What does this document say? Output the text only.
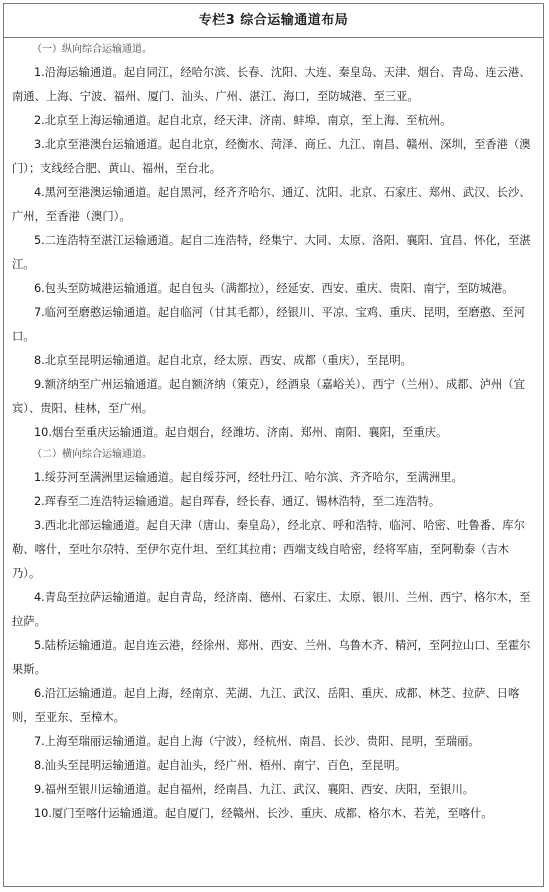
专栏3 综合运输通道布局
（一）纵向综合运输通道。

1.沿海运输通道。起自同江，经哈尔滨、长春、沈阳、大连、秦皇岛、天津、烟台、青岛、连云港、南通、上海、宁波、福州、厦门、汕头、广州、湛江、海口，至防城港、至三亚。

2.北京至上海运输通道。起自北京，经天津、济南、蚌埠、南京，至上海、至杭州。

3.北京至港澳台运输通道。起自北京，经衡水、菏泽、商丘、九江、南昌、赣州、深圳，至香港（澳门）；支线经合肥、黄山、福州，至台北。

4.黑河至港澳运输通道。起自黑河，经齐齐哈尔、通辽、沈阳、北京、石家庄、郑州、武汉、长沙、广州，至香港（澳门）。

5.二连浩特至湛江运输通道。起自二连浩特，经集宁、大同、太原、洛阳、襄阳、宜昌、怀化，至湛江。

6.包头至防城港运输通道。起自包头（满都拉），经延安、西安、重庆、贵阳、南宁，至防城港。

7.临河至磨憨运输通道。起自临河（甘其毛都），经银川、平凉、宝鸡、重庆、昆明，至磨憨、至河口。

8.北京至昆明运输通道。起自北京，经太原、西安、成都（重庆），至昆明。

9.额济纳至广州运输通道。起自额济纳（策克），经酒泉（嘉峪关）、西宁（兰州）、成都、泸州（宜宾）、贵阳、桂林，至广州。

10.烟台至重庆运输通道。起自烟台，经潍坊、济南、郑州、南阳、襄阳，至重庆。

（二）横向综合运输通道。

1.绥芬河至满洲里运输通道。起自绥芬河，经牡丹江、哈尔滨、齐齐哈尔，至满洲里。

2.珲春至二连浩特运输通道。起自珲春，经长春、通辽、锡林浩特，至二连浩特。

3.西北北部运输通道。起自天津（唐山、秦皇岛），经北京、呼和浩特、临河、哈密、吐鲁番、库尔勒、喀什，至吐尔尕特、至伊尔克什坦、至红其拉甫；西端支线自哈密，经将军庙，至阿勒泰（吉木乃）。

4.青岛至拉萨运输通道。起自青岛，经济南、德州、石家庄、太原、银川、兰州、西宁、格尔木，至拉萨。

5.陆桥运输通道。起自连云港，经徐州、郑州、西安、兰州、乌鲁木齐、精河，至阿拉山口、至霍尔果斯。

6.沿江运输通道。起自上海，经南京、芜湖、九江、武汉、岳阳、重庆、成都、林芝、拉萨、日喀则，至亚东、至樟木。

7.上海至瑞丽运输通道。起自上海（宁波），经杭州、南昌、长沙、贵阳、昆明，至瑞丽。

8.汕头至昆明运输通道。起自汕头，经广州、梧州、南宁、百色，至昆明。

9.福州至银川运输通道。起自福州，经南昌、九江、武汉、襄阳、西安、庆阳，至银川。

10.厦门至喀什运输通道。起自厦门，经赣州、长沙、重庆、成都、格尔木、若羌，至喀什。
